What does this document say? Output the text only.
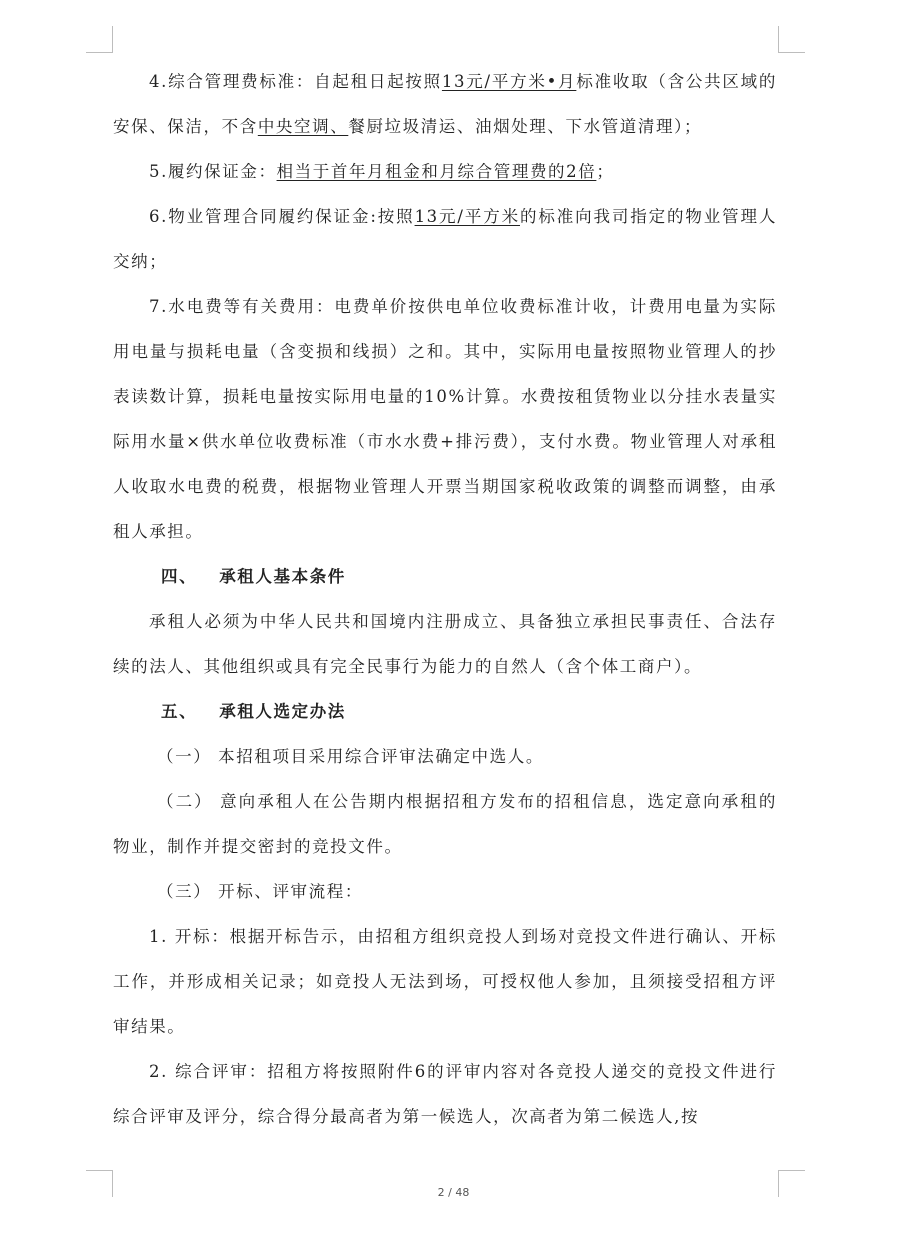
4.综合管理费标准：自起租日起按照13元/平方米•月标准收取（含公共区域的安保、保洁，不含中央空调、餐厨垃圾清运、油烟处理、下水管道清理）；

5.履约保证金：相当于首年月租金和月综合管理费的2倍；

6.物业管理合同履约保证金:按照13元/平方米的标准向我司指定的物业管理人交纳；

7.水电费等有关费用：电费单价按供电单位收费标准计收，计费用电量为实际用电量与损耗电量（含变损和线损）之和。其中，实际用电量按照物业管理人的抄表读数计算，损耗电量按实际用电量的10%计算。水费按租赁物业以分挂水表量实际用水量×供水单位收费标准（市水水费+排污费），支付水费。物业管理人对承租人收取水电费的税费，根据物业管理人开票当期国家税收政策的调整而调整，由承租人承担。

四、 承租人基本条件

承租人必须为中华人民共和国境内注册成立、具备独立承担民事责任、合法存续的法人、其他组织或具有完全民事行为能力的自然人（含个体工商户）。

五、 承租人选定办法

（一） 本招租项目采用综合评审法确定中选人。

（二） 意向承租人在公告期内根据招租方发布的招租信息，选定意向承租的物业，制作并提交密封的竞投文件。

（三） 开标、评审流程：

1. 开标：根据开标告示，由招租方组织竞投人到场对竞投文件进行确认、开标工作，并形成相关记录；如竞投人无法到场，可授权他人参加，且须接受招租方评审结果。

2. 综合评审：招租方将按照附件6的评审内容对各竞投人递交的竞投文件进行综合评审及评分，综合得分最高者为第一候选人，次高者为第二候选人,按

2 / 48
